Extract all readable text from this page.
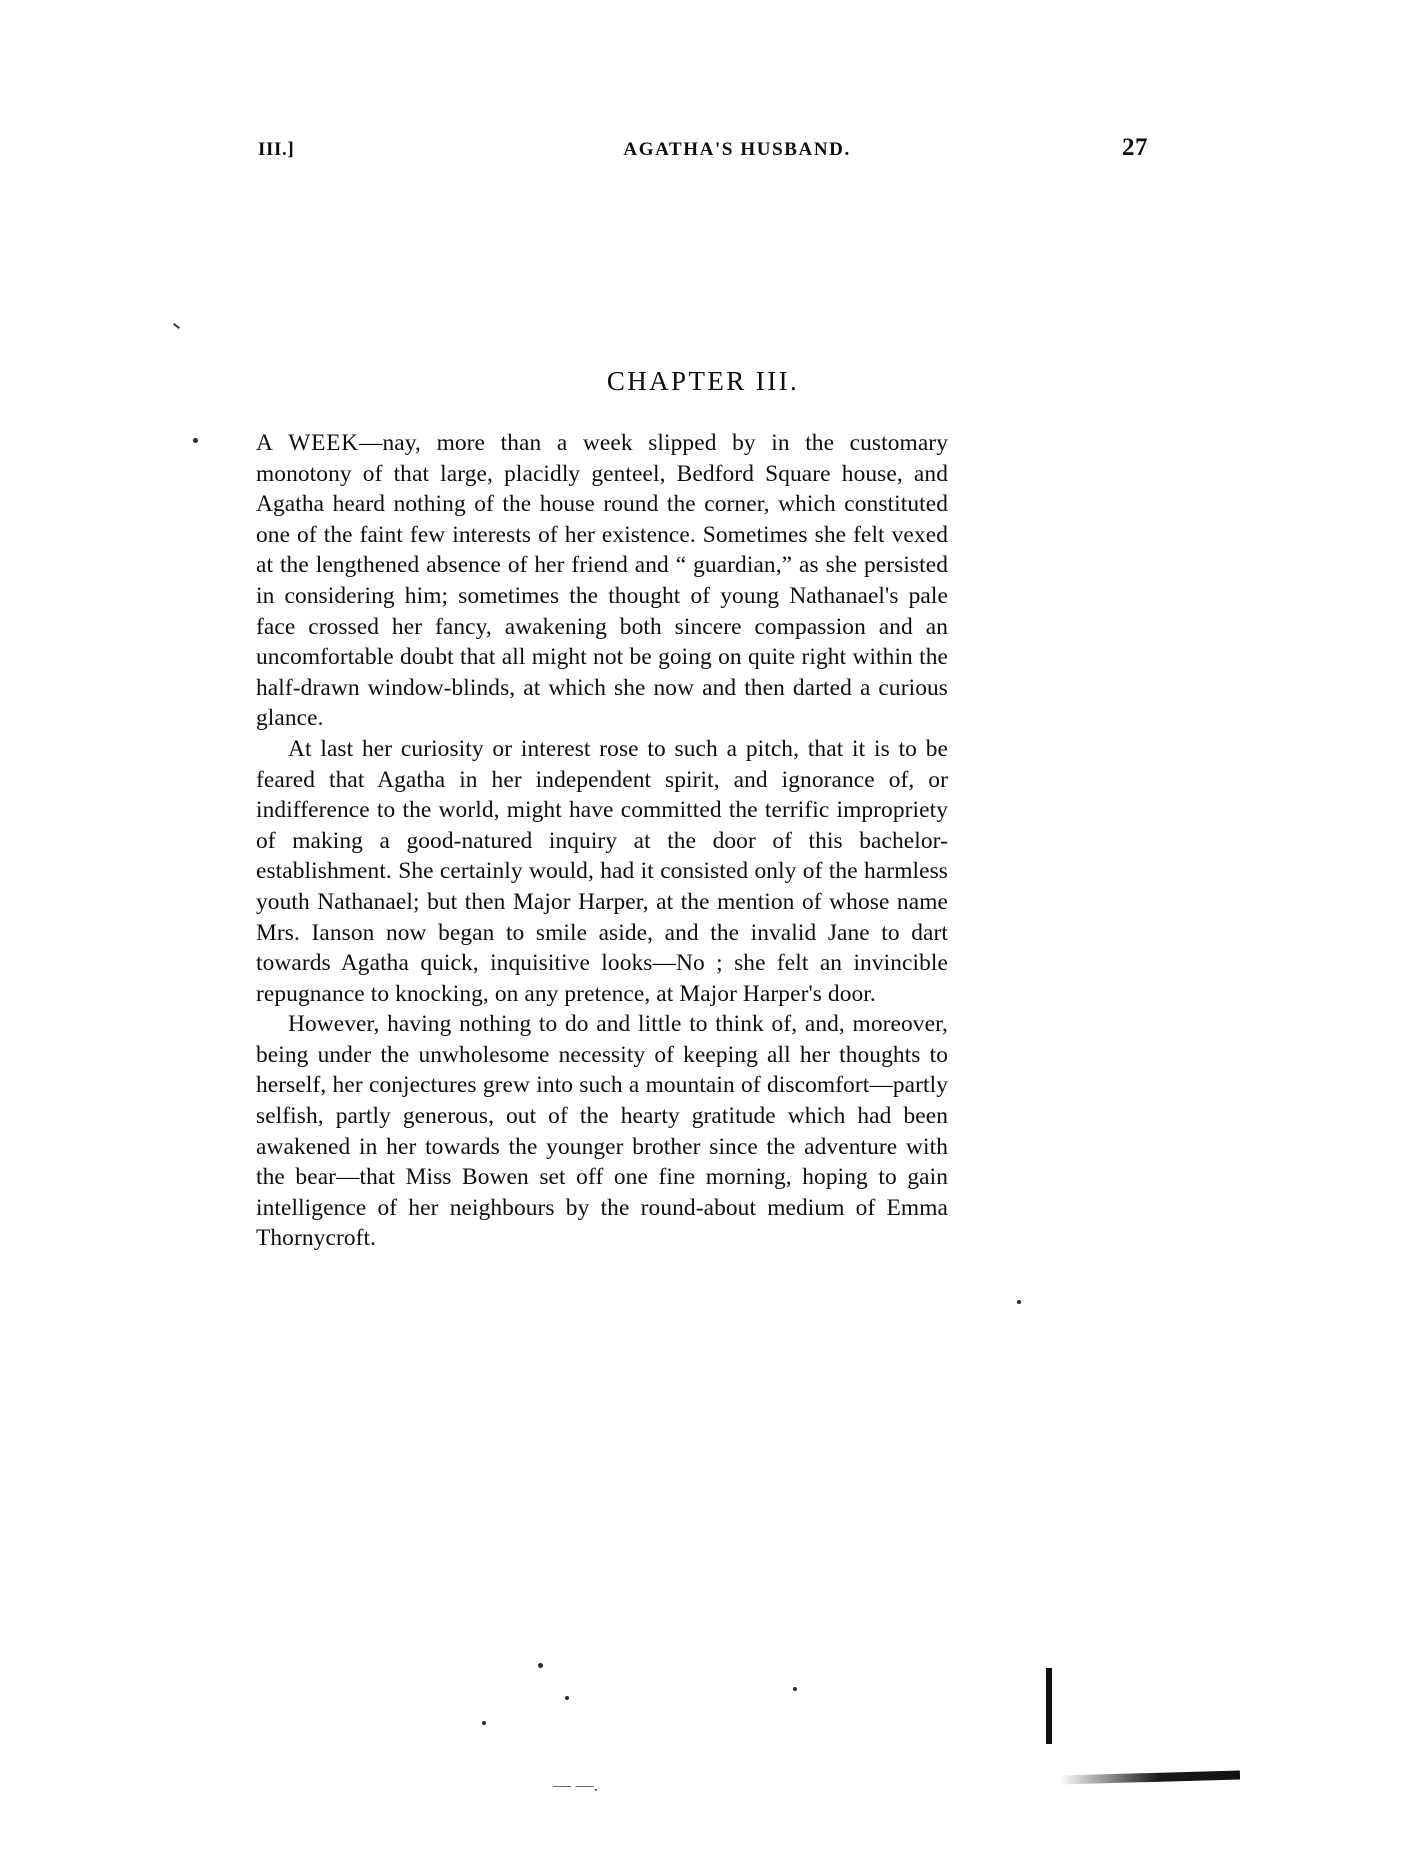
III.]	AGATHA'S HUSBAND.	27
CHAPTER III.

A WEEK—nay, more than a week slipped by in the customary monotony of that large, placidly genteel, Bedford Square house, and Agatha heard nothing of the house round the corner, which constituted one of the faint few interests of her existence. Sometimes she felt vexed at the lengthened absence of her friend and “ guardian,” as she persisted in considering him; sometimes the thought of young Nathanael's pale face crossed her fancy, awakening both sincere compassion and an uncomfortable doubt that all might not be going on quite right within the half-drawn window-blinds, at which she now and then darted a curious glance.

At last her curiosity or interest rose to such a pitch, that it is to be feared that Agatha in her independent spirit, and ignorance of, or indifference to the world, might have committed the terrific impropriety of making a good-natured inquiry at the door of this bachelor-establishment. She certainly would, had it consisted only of the harmless youth Nathanael; but then Major Harper, at the mention of whose name Mrs. Ianson now began to smile aside, and the invalid Jane to dart towards Agatha quick, inquisitive looks—No ; she felt an invincible repugnance to knocking, on any pretence, at Major Harper's door.

However, having nothing to do and little to think of, and, moreover, being under the unwholesome necessity of keeping all her thoughts to herself, her conjectures grew into such a mountain of discomfort—partly selfish, partly generous, out of the hearty gratitude which had been awakened in her towards the younger brother since the adventure with the bear—that Miss Bowen set off one fine morning, hoping to gain intelligence of her neighbours by the round-about medium of Emma Thornycroft.

— —.
